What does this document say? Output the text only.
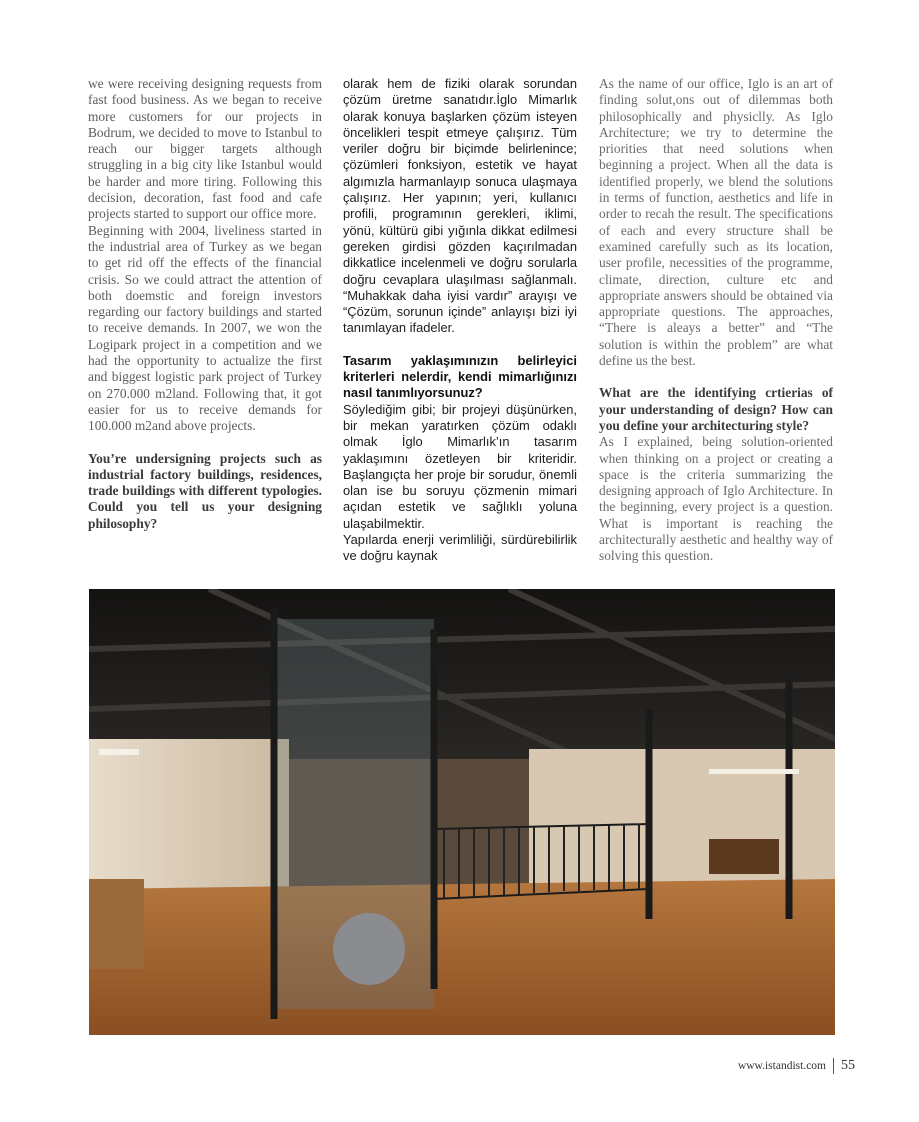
we were receiving designing requests from fast food business. As we began to receive more customers for our projects in Bodrum, we decided to move to Istanbul to reach our bigger targets although struggling in a big city like Istanbul would be harder and more tiring. Following this decision, decoration, fast food and cafe projects started to support our office more.

Beginning with 2004, liveliness started in the industrial area of Turkey as we began to get rid off the effects of the financial crisis. So we could attract the attention of both doemstic and foreign investors regarding our factory buildings and started to receive demands. In 2007, we won the Logipark project in a competition and we had the opportunity to actualize the first and biggest logistic park project of Turkey on 270.000 m2land. Following that, it got easier for us to receive demands for 100.000 m2and above projects.

You’re undersigning projects such as industrial factory buildings, residences, trade buildings with different typologies. Could you tell us your designing philosophy?

olarak hem de fiziki olarak sorundan çözüm üretme sanatıdır.İglo Mimarlık olarak konuya başlarken çözüm isteyen öncelikleri tespit etmeye çalışırız. Tüm veriler doğru bir biçimde belirlenince; çözümleri fonksiyon, estetik ve hayat algımızla harmanlayıp sonuca ulaşmaya çalışırız. Her yapının; yeri, kullanıcı profili, programının gerekleri, iklimi, yönü, kültürü gibi yığınla dikkat edilmesi gereken girdisi gözden kaçırılmadan dikkatlice incelenmeli ve doğru sorularla doğru cevaplara ulaşılması sağlanmalı. “Muhakkak daha iyisi vardır” arayışı ve “Çözüm, sorunun içinde” anlayışı bizi iyi tanımlayan ifadeler.

Tasarım yaklaşımınızın belirleyici kriterleri nelerdir, kendi mimarlığınızı nasıl tanımlıyorsunuz?

Söylediğim gibi; bir projeyi düşünürken, bir mekan yaratırken çözüm odaklı olmak İglo Mimarlık’ın tasarım yaklaşımını özetleyen bir kriteridir. Başlangıçta her proje bir sorudur, önemli olan ise bu soruyu çözmenin mimari açıdan estetik ve sağlıklı yoluna ulaşabilmektir.

Yapılarda enerji verimliliği, sürdürebilirlik ve doğru kaynak

As the name of our office, Iglo is an art of finding solut,ons out of dilemmas both philosophically and physiclly. As Iglo Architecture; we try to determine the priorities that need solutions when beginning a project. When all the data is identified properly, we blend the solutions in terms of function, aesthetics and life in order to recah the result. The specifications of each and every structure shall be examined carefully such as its location, user profile, necessities of the programme, climate, direction, culture etc and appropriate answers should be obtained via appropriate questions. The approaches, “There is aleays a better” and “The solution is within the problem” are what define us the best.

What are the identifying crtierias of your understanding of design? How can you define your architecturing style?

As I explained, being solution-oriented when thinking on a project or creating a space is the criteria summarizing the designing approach of Iglo Architecture. In the beginning, every project is a question. What is important is reaching the architecturally aesthetic and healthy way of solving this question.

www.istandist.com 55
